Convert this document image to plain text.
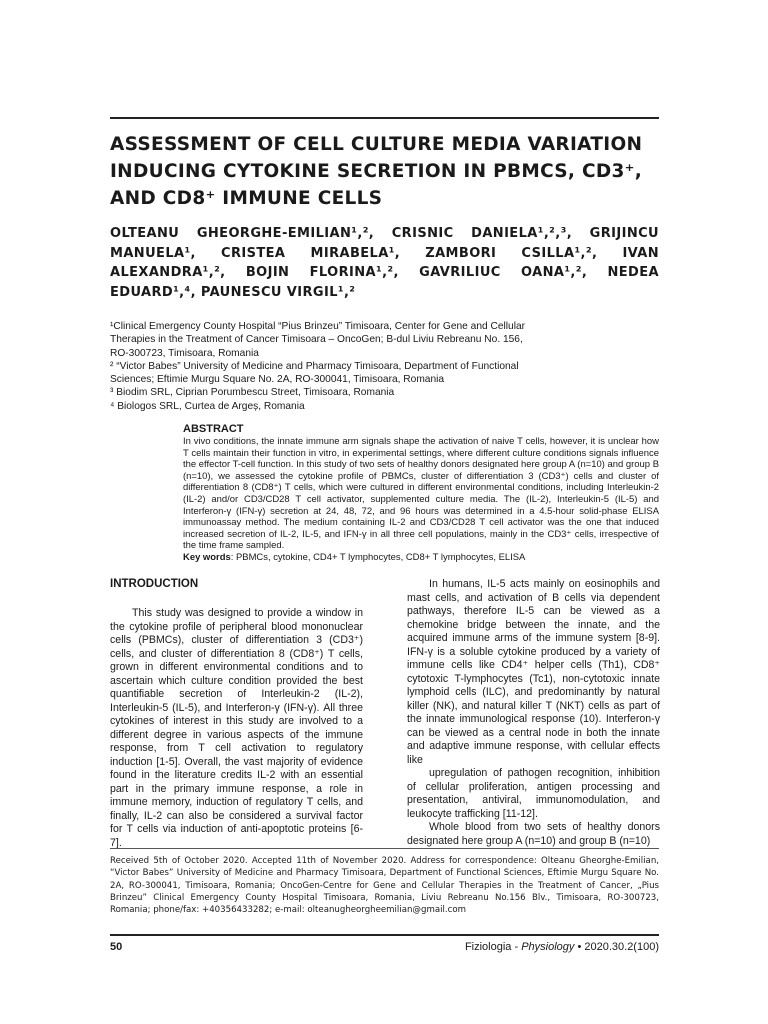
ASSESSMENT OF CELL CULTURE MEDIA VARIATION INDUCING CYTOKINE SECRETION IN PBMCS, CD3⁺, AND CD8⁺ IMMUNE CELLS
OLTEANU GHEORGHE-EMILIAN¹,², CRISNIC DANIELA¹,²,³, GRIJINCU
MANUELA¹, CRISTEA MIRABELA¹, ZAMBORI CSILLA¹,², IVAN
ALEXANDRA¹,², BOJIN FLORINA¹,², GAVRILIUC OANA¹,², NEDEA
EDUARD¹,⁴, PAUNESCU VIRGIL¹,²
¹Clinical Emergency County Hospital “Pius Brinzeu” Timisoara, Center for Gene and Cellular Therapies in the Treatment of Cancer Timisoara – OncoGen; B-dul Liviu Rebreanu No. 156, RO-300723, Timisoara, Romania
² “Victor Babes” University of Medicine and Pharmacy Timisoara, Department of Functional Sciences; Eftimie Murgu Square No. 2A, RO-300041, Timisoara, Romania
³ Biodim SRL, Ciprian Porumbescu Street, Timisoara, Romania
⁴ Biologos SRL, Curtea de Argeș, Romania
ABSTRACT
In vivo conditions, the innate immune arm signals shape the activation of naive T cells, however, it is unclear how T cells maintain their function in vitro, in experimental settings, where different culture conditions signals influence the effector T-cell function. In this study of two sets of healthy donors designated here group A (n=10) and group B (n=10), we assessed the cytokine profile of PBMCs, cluster of differentiation 3 (CD3⁺) cells and cluster of differentiation 8 (CD8⁺) T cells, which were cultured in different environmental conditions, including Interleukin-2 (IL-2) and/or CD3/CD28 T cell activator, supplemented culture media. The (IL-2), Interleukin-5 (IL-5) and Interferon-γ (IFN-γ) secretion at 24, 48, 72, and 96 hours was determined in a 4.5-hour solid-phase ELISA immunoassay method. The medium containing IL-2 and CD3/CD28 T cell activator was the one that induced increased secretion of IL-2, IL-5, and IFN-γ in all three cell populations, mainly in the CD3⁺ cells, irrespective of the time frame sampled.
Key words: PBMCs, cytokine, CD4+ T lymphocytes, CD8+ T lymphocytes, ELISA
INTRODUCTION

This study was designed to provide a window in the cytokine profile of peripheral blood mononuclear cells (PBMCs), cluster of differentiation 3 (CD3⁺) cells, and cluster of differentiation 8 (CD8⁺) T cells, grown in different environmental conditions and to ascertain which culture condition provided the best quantifiable secretion of Interleukin-2 (IL-2), Interleukin-5 (IL-5), and Interferon-γ (IFN-γ). All three cytokines of interest in this study are involved to a different degree in various aspects of the immune response, from T cell activation to regulatory induction [1-5]. Overall, the vast majority of evidence found in the literature credits IL-2 with an essential part in the primary immune response, a role in immune memory, induction of regulatory T cells, and finally, IL-2 can also be considered a survival factor for T cells via induction of anti-apoptotic proteins [6-7].

In humans, IL-5 acts mainly on eosinophils and mast cells, and activation of B cells via dependent pathways, therefore IL-5 can be viewed as a chemokine bridge between the innate, and the acquired immune arms of the immune system [8-9]. IFN-γ is a soluble cytokine produced by a variety of immune cells like CD4⁺ helper cells (Th1), CD8⁺ cytotoxic T-lymphocytes (Tc1), non-cytotoxic innate lymphoid cells (ILC), and predominantly by natural killer (NK), and natural killer T (NKT) cells as part of the innate immunological response (10). Interferon-γ can be viewed as a central node in both the innate and adaptive immune response, with cellular effects like

upregulation of pathogen recognition, inhibition of cellular proliferation, antigen processing and presentation, antiviral, immunomodulation, and leukocyte trafficking [11-12].

Whole blood from two sets of healthy donors designated here group A (n=10) and group B (n=10)

Received 5th of October 2020. Accepted 11th of November 2020. Address for correspondence: Olteanu Gheorghe-Emilian, “Victor Babes” University of Medicine and Pharmacy Timisoara, Department of Functional Sciences, Eftimie Murgu Square No. 2A, RO-300041, Timisoara, Romania; OncoGen-Centre for Gene and Cellular Therapies in the Treatment of Cancer, „Pius Brinzeu” Clinical Emergency County Hospital Timisoara, Romania, Liviu Rebreanu No.156 Blv., Timisoara, RO-300723, Romania; phone/fax: +40356433282; e-mail: olteanugheorgheemilian@gmail.com
50	Fiziologia - Physiology • 2020.30.2(100)
